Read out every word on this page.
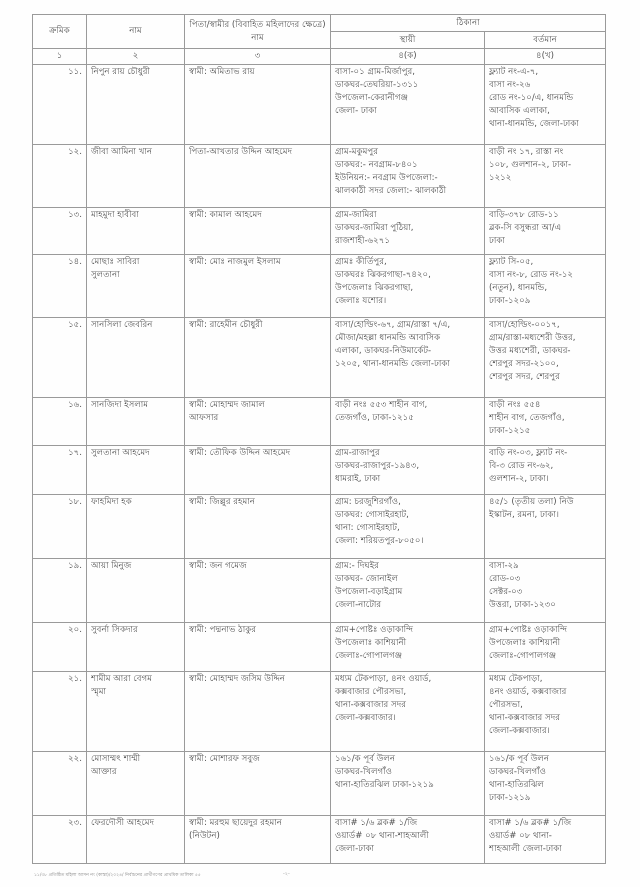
ক্রমিক	নাম	পিতা/স্বামীর (বিবাহিত মহিলাদের ক্ষেত্রে) নাম	ঠিকানা	
			স্থায়ী	বর্তমান
১	২	৩	৪(ক)	৪(খ)
১১.	নিপুন রায় চৌধুরী	স্বামী: অমিতাভ রায়	বাসা-০১ গ্রাম-মির্জাপুর,
ডাকঘর-তেঘরিয়া-১৩১১
উপজেলা-কেরানীগঞ্জ
জেলা- ঢাকা	ফ্ল্যাট নং-এ-৭,
বাসা নং-২৬
রোড নং-১০/এ, ধানমন্ডি
আবাসিক এলাকা,
থানা-ধানমন্ডি, জেলা-ঢাকা

১২.	জীবা আমিনা খান	পিতা-আখতার উদ্দিন আহমেদ	গ্রাম-মকুমপুর
ডাকঘর:- নবগ্রাম-৮৪০১
ইউনিয়ন:- নবগ্রাম উপজেলা:-
ঝালকাঠী সদর জেলা:- ঝালকাঠী	বাড়ী নং ১৭, রাস্তা নং
১০৮, গুলশান-২, ঢাকা-
১২১২

১৩.	মাহমুদা হাবীবা	স্বামী: কামাল আহমেদ	গ্রাম-জামিরা
ডাকঘর-জামিরা পুঠিয়া,
রাজশাহী-৬২৭১	বাড়ি-৩৭৮ রোড-১১
ব্লক-সি বসুন্ধরা আ/এ
ঢাকা

১৪.	মোছাঃ সাবিরা
সুলতানা	স্বামী: মোঃ নাজমুল ইসলাম	গ্রামঃ কীর্তিপুর,
ডাকঘরঃ ঝিকরগাছা-৭৪২০,
উপজেলাঃ ঝিকরগাছা,
জেলাঃ যশোর।	ফ্ল্যাট সি-০৫,
বাসা নং-৮, রোড নং-১২
(নতুন), ধানমন্ডি,
ঢাকা-১২০৯

১৫.	সানসিলা জেবরিন	স্বামী: রাহেমীন চৌধুরী	বাসা/হোল্ডিং-৬৭, গ্রাম/রাস্তা ৭/এ,
মৌজা/মহল্লা ধানমন্ডি আবাসিক
এলাকা, ডাকঘর-নিউমার্কেট-
১২০৫, থানা-ধানমন্ডি জেলা-ঢাকা	বাসা/হোল্ডিং-০০১৭,
গ্রাম/রাস্তা-মধ্যশেরী উত্তর,
উত্তর মধ্যশেরী, ডাকঘর-
শেরপুর সদর-২১০০,
শেরপুর সদর, শেরপুর

১৬.	সানজিদা ইসলাম	স্বামী: মোহাম্মদ জামাল
আফসার	বাড়ী নংঃ ৫৫৩ শাহীন বাগ,
তেজগাঁও, ঢাকা-১২১৫	বাড়ী নংঃ ৫৫৪
শাহীন বাগ, তেজগাঁও,
ঢাকা-১২১৫

১৭.	সুলতানা আহমেদ	স্বামী: তৌফিক উদ্দিন আহমেদ	গ্রাম-রাজাপুর
ডাকঘর-রাজাপুর-১৯৪৩,
ধামরাই, ঢাকা	বাড়ি নং-০৩, ফ্ল্যাট নং-
বি-৩ রোড নং-৬২,
গুলশান-২, ঢাকা।

১৮.	ফাহমিদা হক	স্বামী: জিল্লুর রহমান	গ্রাম: চরজুশিরগাঁও,
ডাকঘর: গোসাইরহাট,
থানা: গোসাইরহাট,
জেলা: শরিয়তপুর-৮০৫০।	৪৫/১ (তৃতীয় তলা) নিউ
ইস্কাটন, রমনা, ঢাকা।

১৯.	আয়া মিনুজ	স্বামী: জন গমেজ	গ্রাম:- দিঘইর
ডাকঘর- জোনাইল
উপজেলা-বড়াইগ্রাম
জেলা-নাটোর	বাসা-২৯
রোড-০৩
সেক্টর-০৩
উত্তরা, ঢাকা-১২৩০

২০.	সুবর্না সিকদার	স্বামী: পদ্মনাভ ঠাকুর	গ্রাম+পোষ্টঃ ওড়াকান্দি
উপজেলাঃ কাশিয়ানী
জেলাঃ-গোপালগঞ্জ	গ্রাম+পোষ্টঃ ওড়াকান্দি
উপজেলাঃ কাশিয়ানী
জেলাঃ-গোপালগঞ্জ

২১.	শামীম আরা বেগম
স্মৃমা	স্বামী: মোহাম্মদ জসিম উদ্দিন	মধ্যম টেকপাড়া, ৪নং ওয়ার্ড,
কক্সবাজার পৌরসভা,
থানা-কক্সবাজার সদর
জেলা-কক্সবাজার।	মধ্যম টেকপাড়া,
৪নং ওয়ার্ড, কক্সবাজার
পৌরসভা,
থানা-কক্সবাজার সদর
জেলা-কক্সবাজার।

২২.	মোসাম্মৎ শাম্মী
আক্তার	স্বামী: মোশারফ সবুজ	১৬১/ক পূর্ব উলন
ডাকঘর-খিলগাঁও
থানা-হাতিরঝিল ঢাকা-১২১৯	১৬১/ক পূর্ব উলন
ডাকঘর-খিলগাঁও
থানা-হাতিরঝিল
ঢাকা-১২১৯

২৩.	ফেরদৌসী আহমেদ	স্বামী: মরহুম ছায়েদুর রহমান
(নিউটন)	বাসা# ১/৬ ব্লক# ১/জি
ওয়ার্ড# ০৮ থানা-শাহআলী
জেলা-ঢাকা	বাসা# ১/৬ ব্লক# ১/জি
ওয়ার্ড# ০৮ থানা-
শাহআলী জেলা-ঢাকা
১১/৩৮ প্রতিষ্ঠিত মহিলা আসন নং (কাস্তা)/২০২৪/ নির্বাচনের প্রার্থীগণের প্রাথমিক তালিকা ৫৫	-২-
